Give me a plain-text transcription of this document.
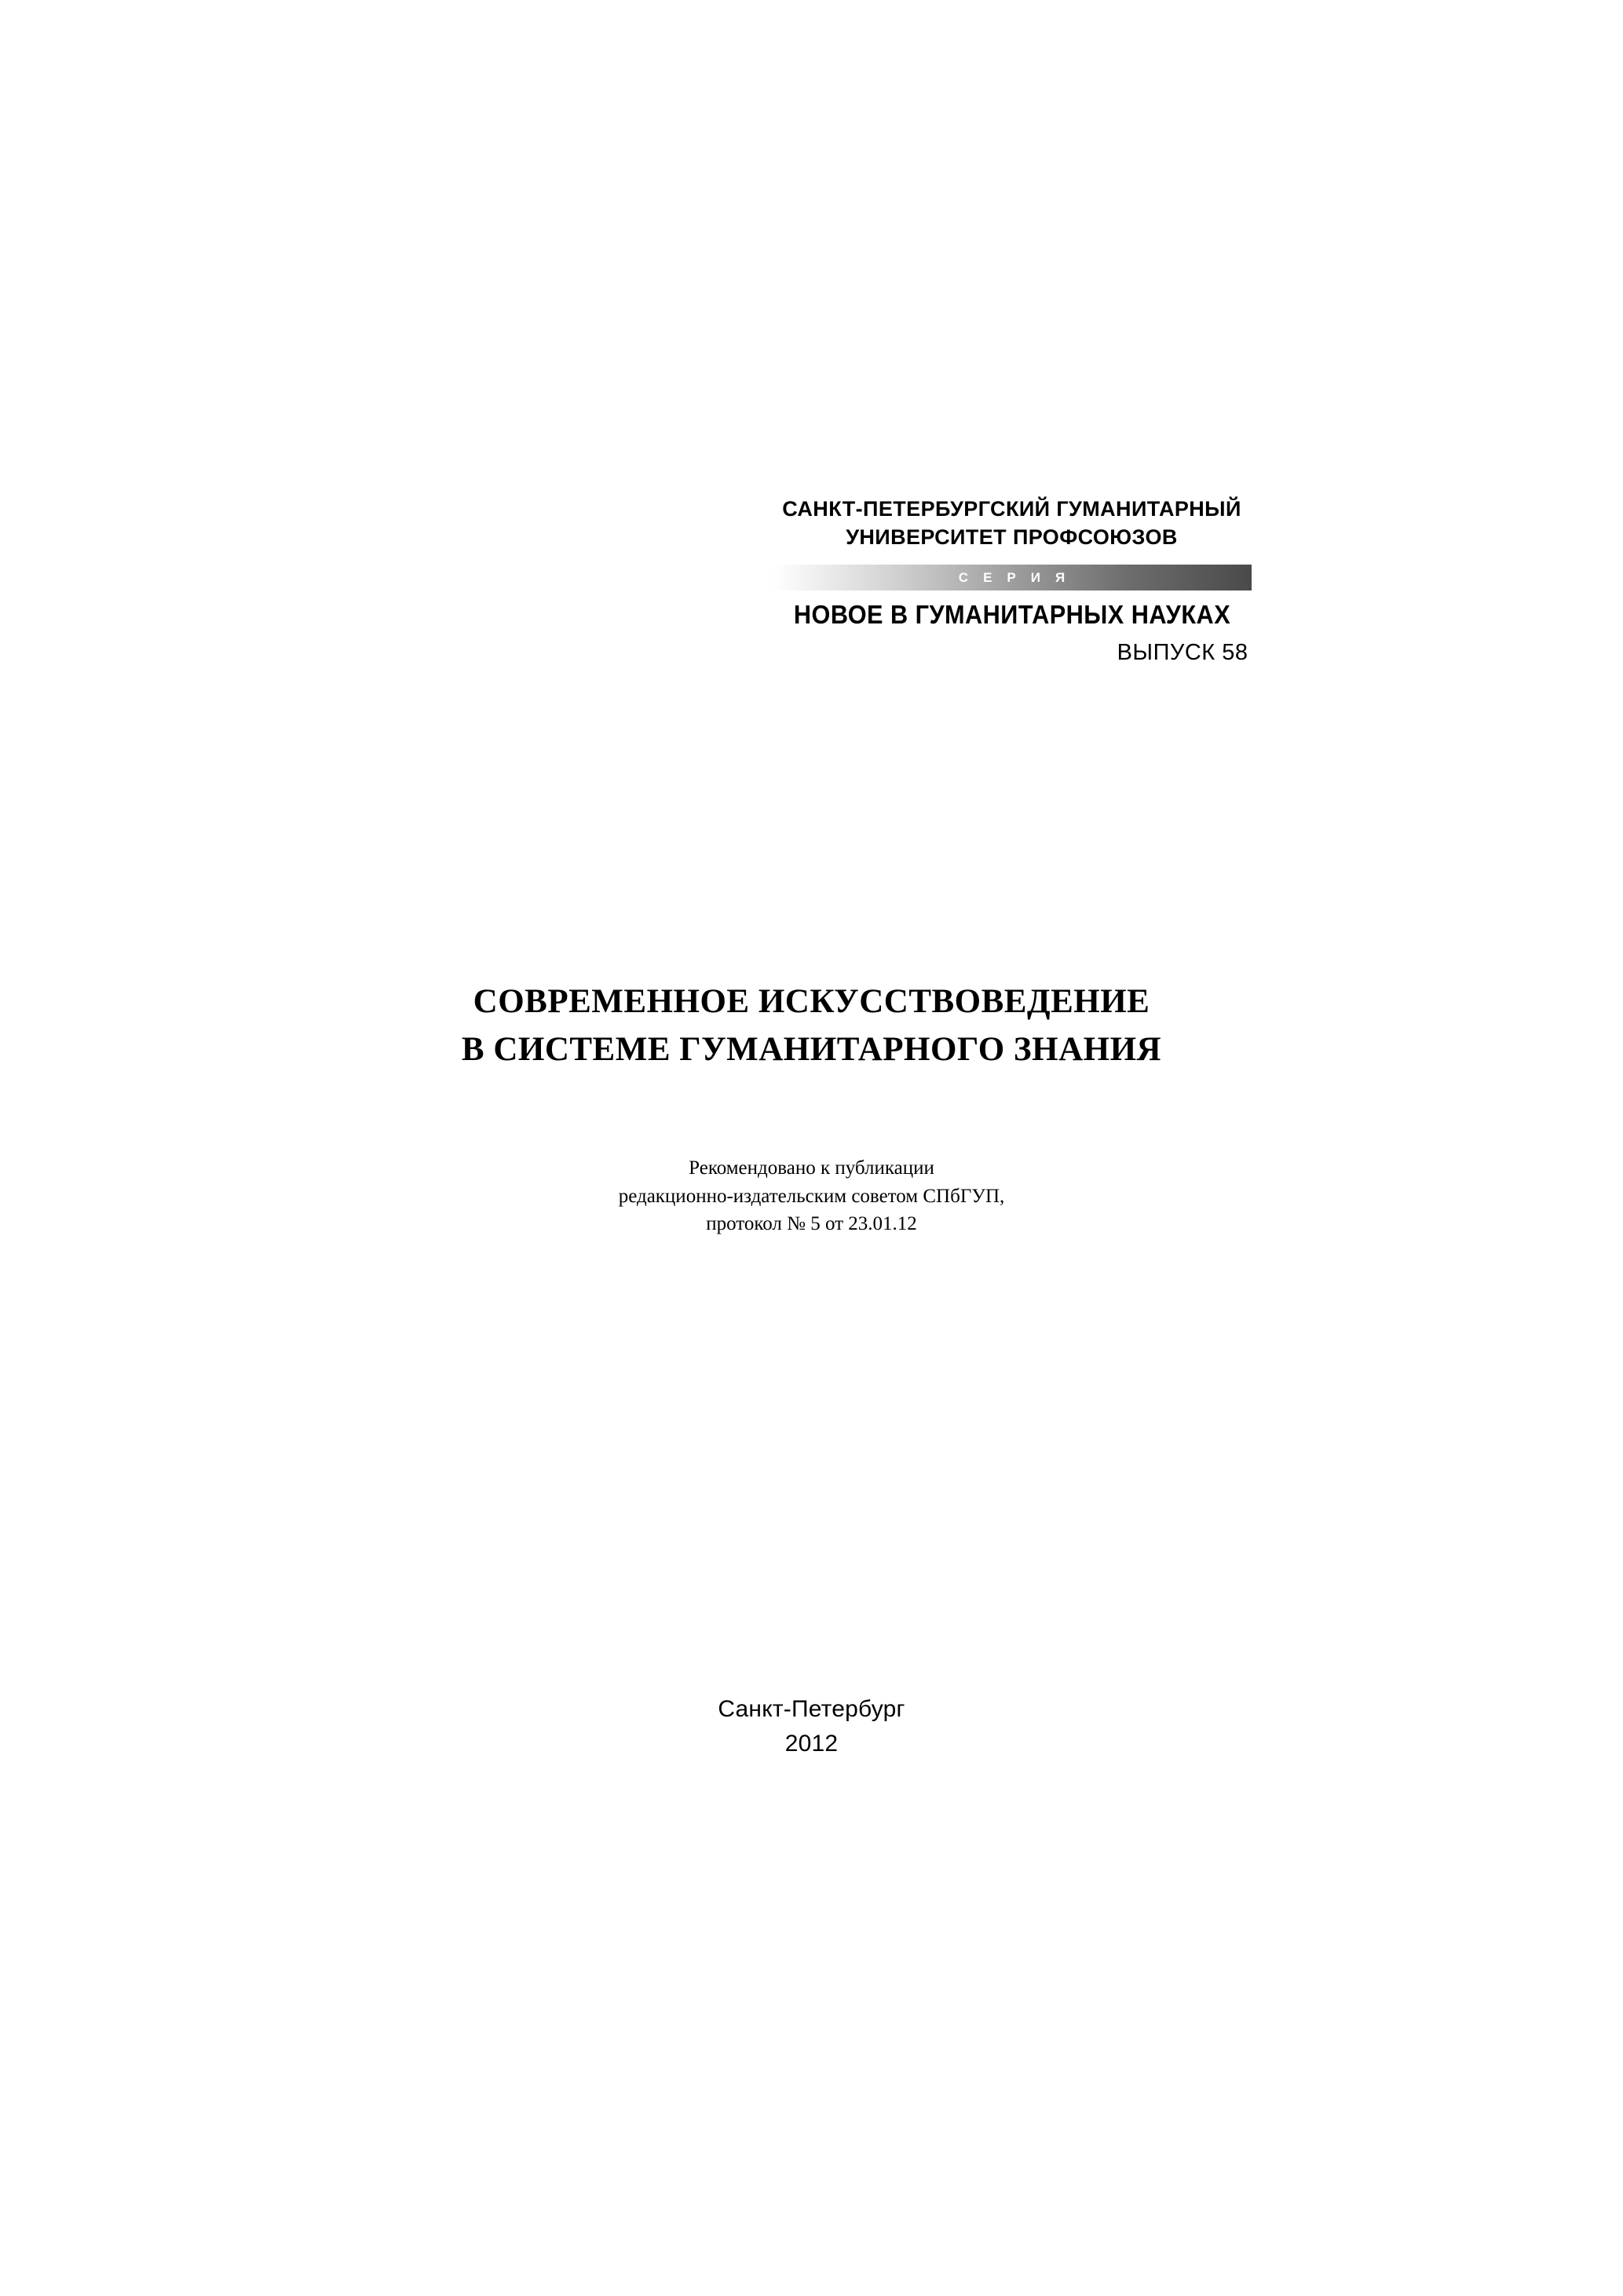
САНКТ-ПЕТЕРБУРГСКИЙ ГУМАНИТАРНЫЙ
УНИВЕРСИТЕТ ПРОФСОЮЗОВ
СЕРИЯ
НОВОЕ В ГУМАНИТАРНЫХ НАУКАХ
ВЫПУСК 58
СОВРЕМЕННОЕ ИСКУССТВОВЕДЕНИЕ
В СИСТЕМЕ ГУМАНИТАРНОГО ЗНАНИЯ
Рекомендовано к публикации
редакционно-издательским советом СПбГУП,
протокол № 5 от 23.01.12
Санкт-Петербург
2012
